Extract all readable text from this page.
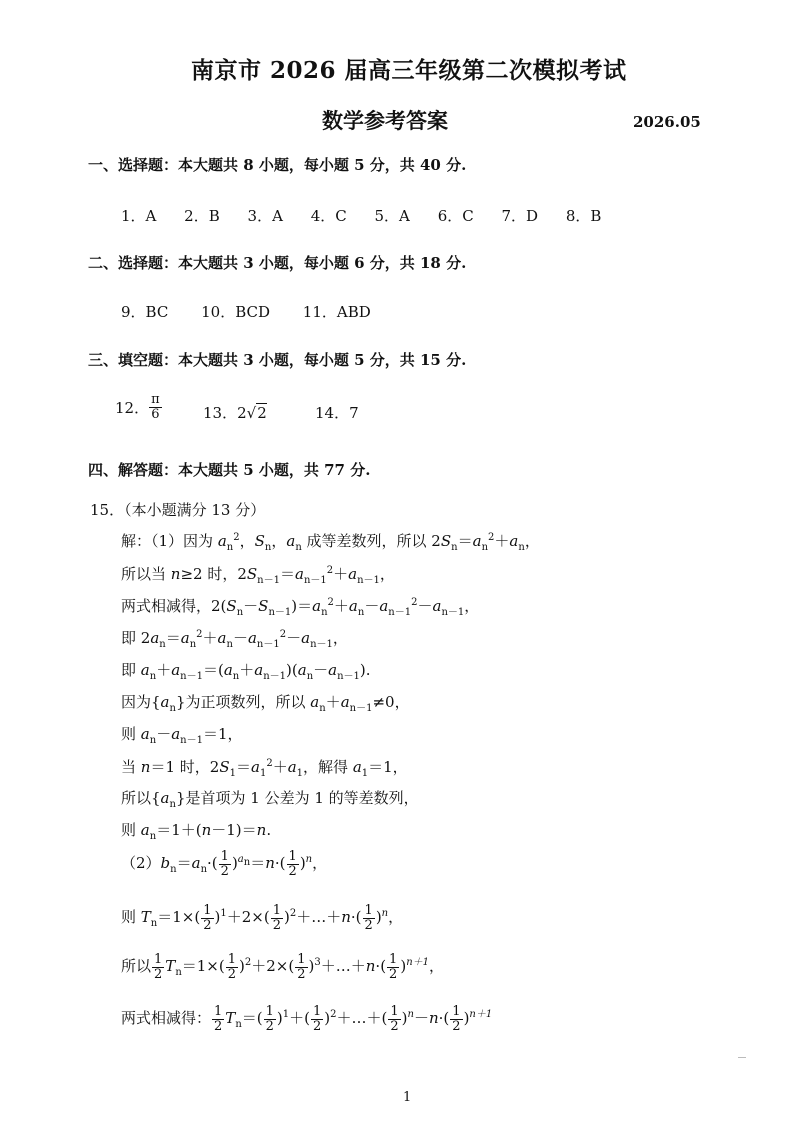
南京市 2026 届高三年级第二次模拟考试
数学参考答案	2026.05
一、选择题：本大题共 8 小题，每小题 5 分，共 40 分.
1．A 2．B 3．A 4．C 5．A 6．C 7．D 8．B
二、选择题：本大题共 3 小题，每小题 6 分，共 18 分.
9．BC 10．BCD 11．ABD
三、填空题：本大题共 3 小题，每小题 5 分，共 15 分.
12． $\frac{\pi}{6} 13$．2√2	14．7
四、解答题：本大题共 5 小题，共 77 分.
15．（本小题满分 13 分）
解：（1）因为 $a_n^2$，$S_n$，$a_n$ 成等差数列，所以 $2S_n=a_n^2+a_n$，
所以当 n≥2 时，$2S_{n-1}=a_{n-1}^2+a_{n-1}$，
两式相减得，$2(S_n-S_{n-1})=a_n^2+a_n-a_{n-1}^2-a_{n-1}$，
即 $2a_n=a_n^2+a_n-a_{n-1}^2-a_{n-1}$，
即 $a_n+a_{n-1}=(a_n+a_{n-1})(a_n-a_{n-1})$.
因为$\{a_n\}$为正项数列，所以 $a_n+a_{n-1}\ne 0$，
则 $a_n-a_{n-1}=1$，
当 n＝1 时，$2S_1=a_1^2+a_1$，解得 $a_1=1$，
所以$\{a_n\}$是首项为 1 公差为 1 的等差数列，
则 $a_n=1+(n-1)=n$.
$(2)b_n=a_n\cdot( \frac{1}{2} )^{a_n}=n\cdot( \frac{1}{2} )^n$，
则 $T_n=1\times( \frac{1}{2} )^1+2\times( \frac{1}{2}$ )$^2+\dots+n\cdot( \frac{1}{2} )^n$，
所以 $\frac{1}{2} T_n=1\times( \frac{1}{2} )^2+2\times( \frac{1}{2}$ )$^3+\dots+n\cdot( \frac{1}{2} )^{n+1}$，
两式相减得： $\frac{1}{2} T_n=( \frac{1}{2} )^1+( \frac{1}{2}$ )$^2+\dots+( \frac{1}{2} )^n-n\cdot( \frac{1}{2} )^{n+1}$
1
